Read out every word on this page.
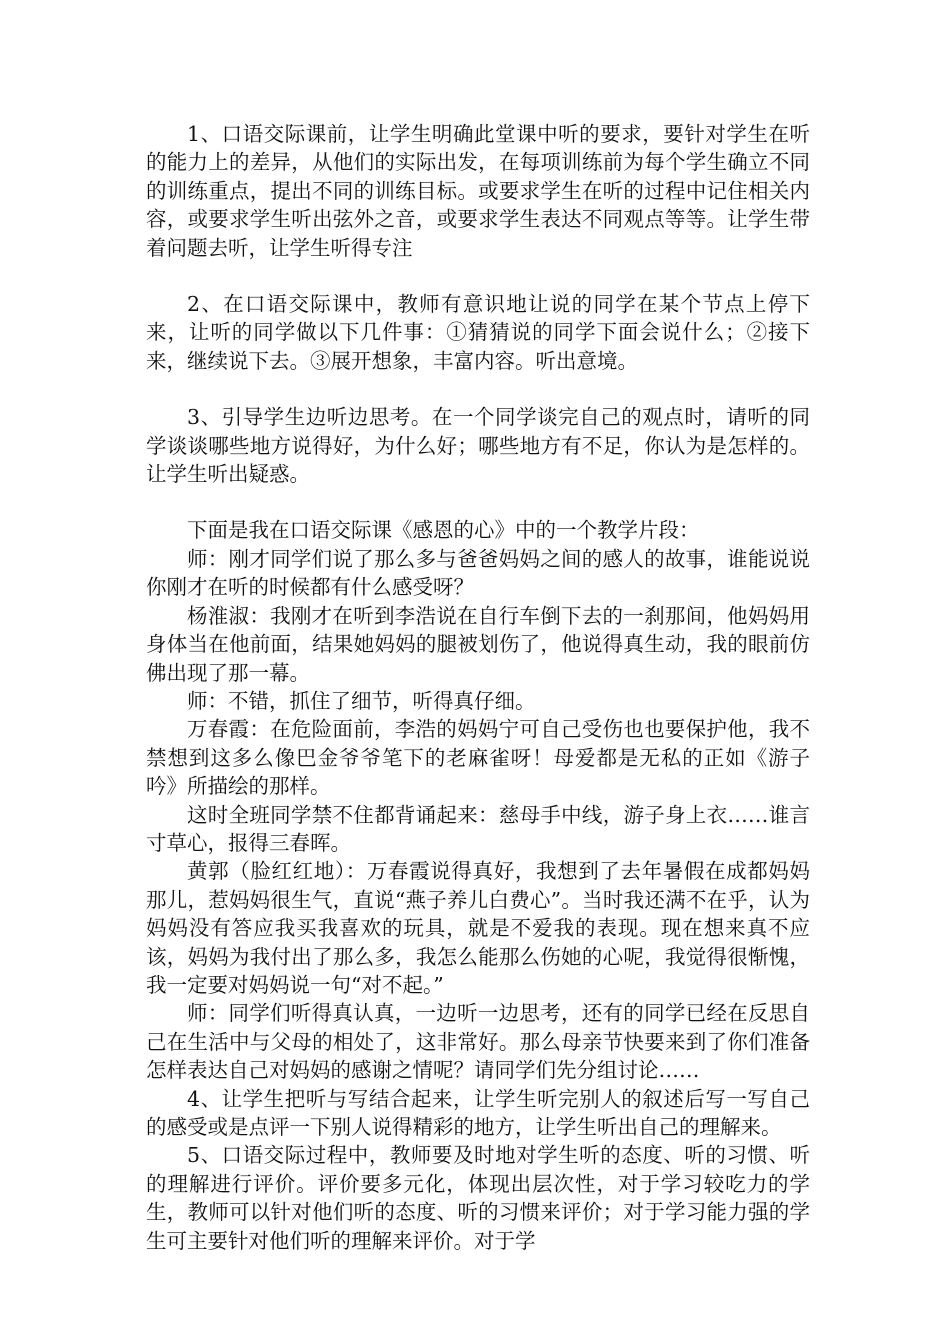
1、口语交际课前，让学生明确此堂课中听的要求，要针对学生在听的能力上的差异，从他们的实际出发，在每项训练前为每个学生确立不同的训练重点，提出不同的训练目标。或要求学生在听的过程中记住相关内容，或要求学生听出弦外之音，或要求学生表达不同观点等等。让学生带着问题去听，让学生听得专注

2、在口语交际课中，教师有意识地让说的同学在某个节点上停下来，让听的同学做以下几件事：①猜猜说的同学下面会说什么；②接下来，继续说下去。③展开想象，丰富内容。听出意境。

3、引导学生边听边思考。在一个同学谈完自己的观点时，请听的同学谈谈哪些地方说得好，为什么好；哪些地方有不足，你认为是怎样的。让学生听出疑惑。

下面是我在口语交际课《感恩的心》中的一个教学片段：

师：刚才同学们说了那么多与爸爸妈妈之间的感人的故事，谁能说说你刚才在听的时候都有什么感受呀？

杨淮淑：我刚才在听到李浩说在自行车倒下去的一刹那间，他妈妈用身体当在他前面，结果她妈妈的腿被划伤了，他说得真生动，我的眼前仿佛出现了那一幕。

师：不错，抓住了细节，听得真仔细。

万春霞：在危险面前，李浩的妈妈宁可自己受伤也也要保护他，我不禁想到这多么像巴金爷爷笔下的老麻雀呀！母爱都是无私的正如《游子吟》所描绘的那样。

这时全班同学禁不住都背诵起来：慈母手中线，游子身上衣……谁言寸草心，报得三春晖。

黄郭（脸红红地）：万春霞说得真好，我想到了去年暑假在成都妈妈那儿，惹妈妈很生气，直说“燕子养儿白费心”。当时我还满不在乎，认为妈妈没有答应我买我喜欢的玩具，就是不爱我的表现。现在想来真不应该，妈妈为我付出了那么多，我怎么能那么伤她的心呢，我觉得很惭愧，我一定要对妈妈说一句“对不起。”

师：同学们听得真认真，一边听一边思考，还有的同学已经在反思自己在生活中与父母的相处了，这非常好。那么母亲节快要来到了你们准备怎样表达自己对妈妈的感谢之情呢？请同学们先分组讨论……

4、让学生把听与写结合起来，让学生听完别人的叙述后写一写自己的感受或是点评一下别人说得精彩的地方，让学生听出自己的理解来。

5、口语交际过程中，教师要及时地对学生听的态度、听的习惯、听的理解进行评价。评价要多元化，体现出层次性，对于学习较吃力的学生，教师可以针对他们听的态度、听的习惯来评价；对于学习能力强的学生可主要针对他们听的理解来评价。对于学
